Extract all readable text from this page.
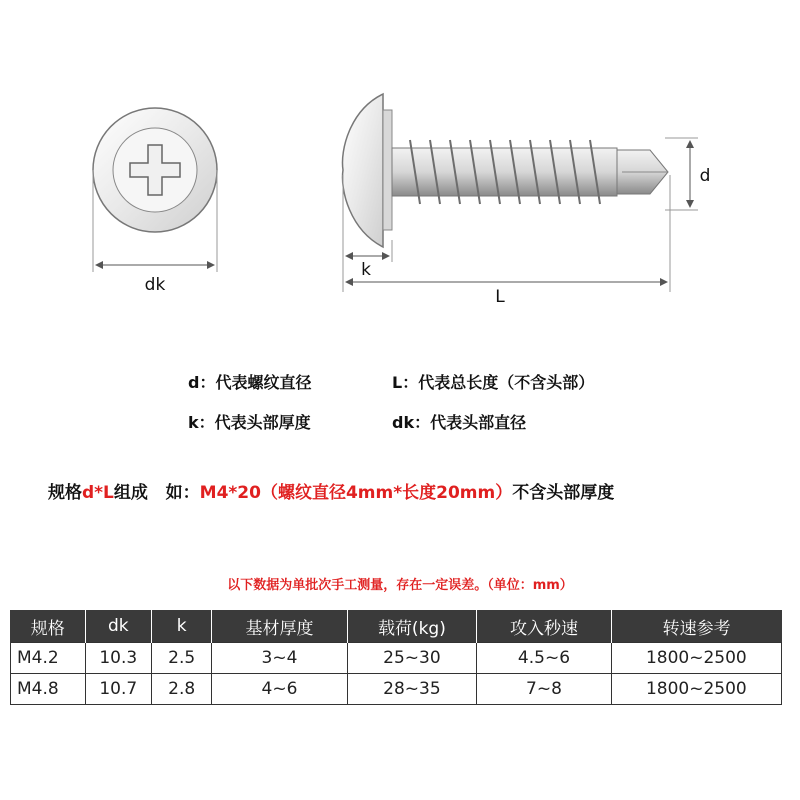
dk
k
L
d
d：代表螺纹直径	L：代表总长度（不含头部）
k：代表头部厚度	dk：代表头部直径
规格d*L组成   如：M4*20（螺纹直径4mm*长度20mm）不含头部厚度
以下数据为单批次手工测量，存在一定误差。（单位：mm）
规格	dk	k	基材厚度	载荷(kg)	攻入秒速	转速参考
M4.2	10.3	2.5	3~4	25~30	4.5~6	1800~2500
M4.8	10.7	2.8	4~6	28~35	7~8	1800~2500
